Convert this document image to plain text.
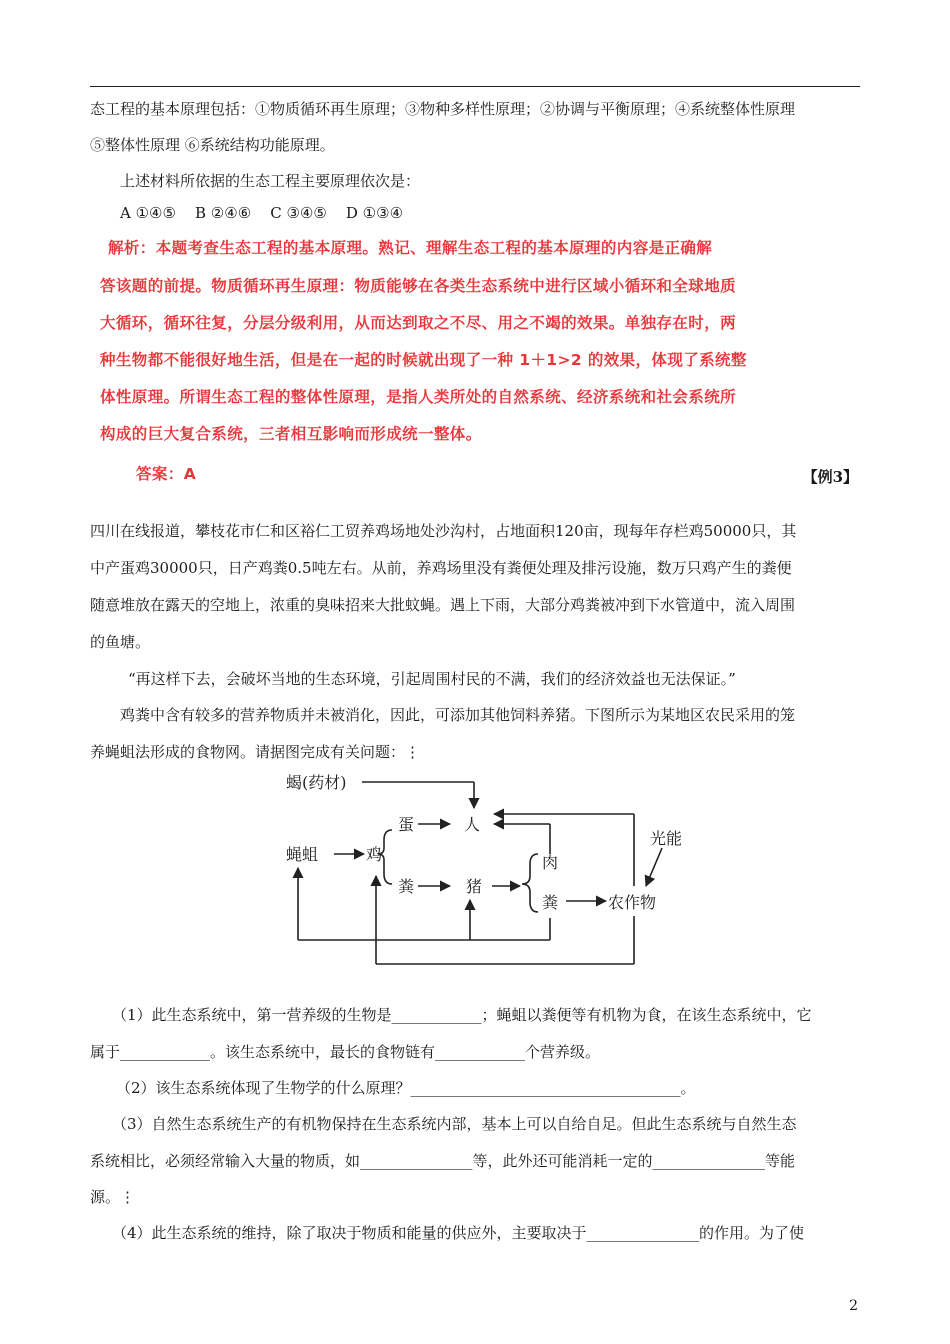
态工程的基本原理包括：①物质循环再生原理；③物种多样性原理；②协调与平衡原理；④系统整体性原理
⑤整体性原理 ⑥系统结构功能原理。
上述材料所依据的生态工程主要原理依次是：
A ①④⑤    B ②④⑥    C ③④⑤    D ①③④
解析：本题考查生态工程的基本原理。熟记、理解生态工程的基本原理的内容是正确解
答该题的前提。物质循环再生原理：物质能够在各类生态系统中进行区域小循环和全球地质
大循环，循环往复，分层分级利用，从而达到取之不尽、用之不竭的效果。单独存在时，两
种生物都不能很好地生活，但是在一起的时候就出现了一种 1＋1>2 的效果，体现了系统整
体性原理。所谓生态工程的整体性原理，是指人类所处的自然系统、经济系统和社会系统所
构成的巨大复合系统，三者相互影响而形成统一整体。
答案：A	【例3】
四川在线报道，攀枝花市仁和区裕仁工贸养鸡场地处沙沟村，占地面积120亩，现每年存栏鸡50000只，其
中产蛋鸡30000只，日产鸡粪0.5吨左右。从前，养鸡场里没有粪便处理及排污设施，数万只鸡产生的粪便
随意堆放在露天的空地上，浓重的臭味招来大批蚊蝇。遇上下雨，大部分鸡粪被冲到下水管道中，流入周围
的鱼塘。
“再这样下去，会破坏当地的生态环境，引起周围村民的不满，我们的经济效益也无法保证。”
鸡粪中含有较多的营养物质并未被消化，因此，可添加其他饲料养猪。下图所示为某地区农民采用的笼
养蝇蛆法形成的食物网。请据图完成有关问题：⋮
蝎(药材)
蝇蛆	鸡
蛋	人
粪	猪
肉
粪	农作物
光能
（1）此生态系统中，第一营养级的生物是____________；蝇蛆以粪便等有机物为食，在该生态系统中，它
属于____________。该生态系统中，最长的食物链有____________个营养级。
（2）该生态系统体现了生物学的什么原理？____________________________________。
（3）自然生态系统生产的有机物保持在生态系统内部，基本上可以自给自足。但此生态系统与自然生态
系统相比，必须经常输入大量的物质，如_______________等，此外还可能消耗一定的_______________等能
源。⋮
（4）此生态系统的维持，除了取决于物质和能量的供应外，主要取决于_______________的作用。为了使
2
